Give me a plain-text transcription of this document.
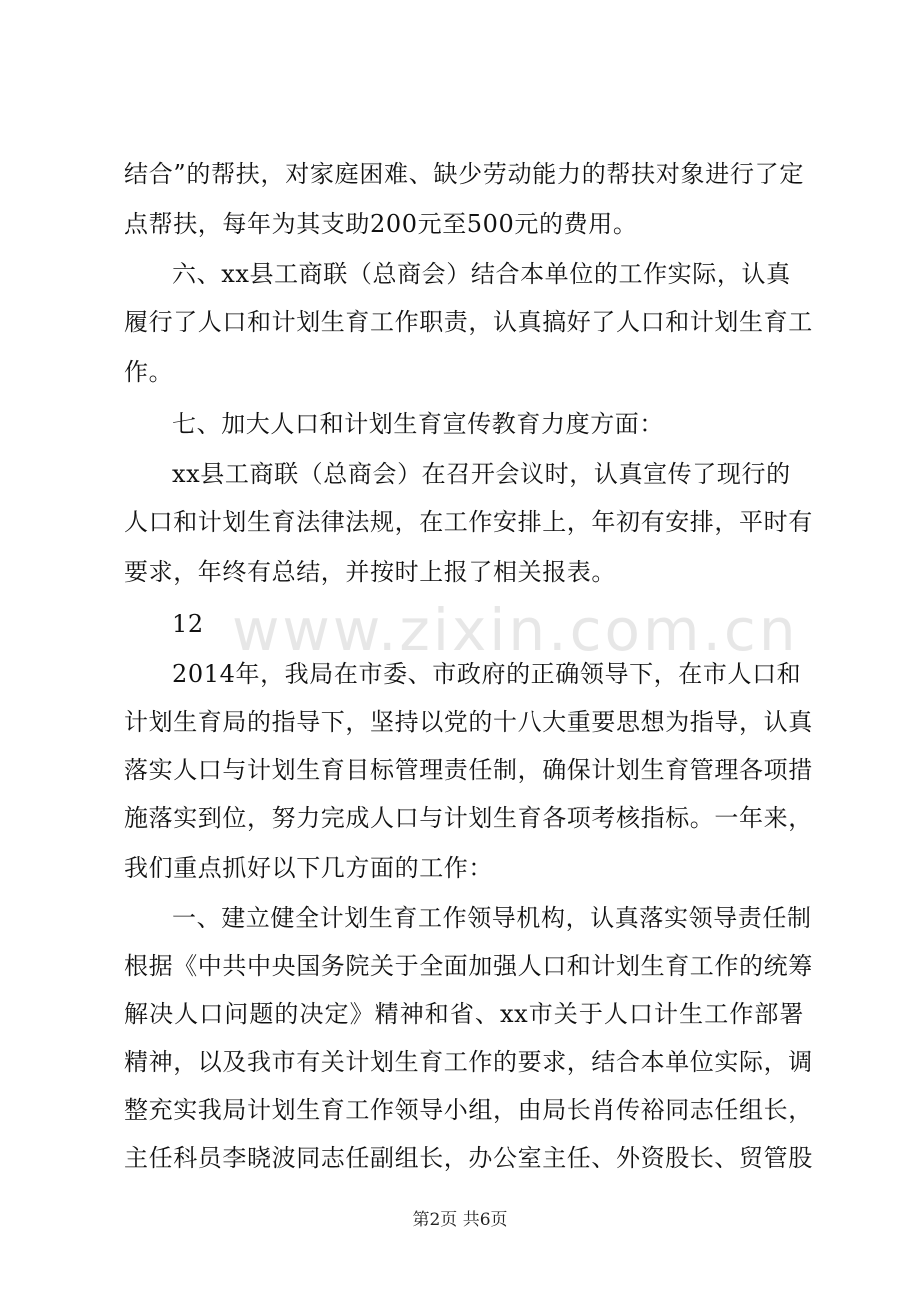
www.zixin.com.cn
结合”的帮扶，对家庭困难、缺少劳动能力的帮扶对象进行了定
点帮扶，每年为其支助200元至500元的费用。
六、xx县工商联（总商会）结合本单位的工作实际，认真
履行了人口和计划生育工作职责，认真搞好了人口和计划生育工
作。
七、加大人口和计划生育宣传教育力度方面：
xx县工商联（总商会）在召开会议时，认真宣传了现行的
人口和计划生育法律法规，在工作安排上，年初有安排，平时有
要求，年终有总结，并按时上报了相关报表。
12
2014年，我局在市委、市政府的正确领导下，在市人口和
计划生育局的指导下，坚持以党的十八大重要思想为指导，认真
落实人口与计划生育目标管理责任制，确保计划生育管理各项措
施落实到位，努力完成人口与计划生育各项考核指标。一年来，
我们重点抓好以下几方面的工作：
一、建立健全计划生育工作领导机构，认真落实领导责任制
根据《中共中央国务院关于全面加强人口和计划生育工作的统筹
解决人口问题的决定》精神和省、xx市关于人口计生工作部署
精神，以及我市有关计划生育工作的要求，结合本单位实际，调
整充实我局计划生育工作领导小组，由局长肖传裕同志任组长，
主任科员李晓波同志任副组长，办公室主任、外资股长、贸管股
第2页 共6页
